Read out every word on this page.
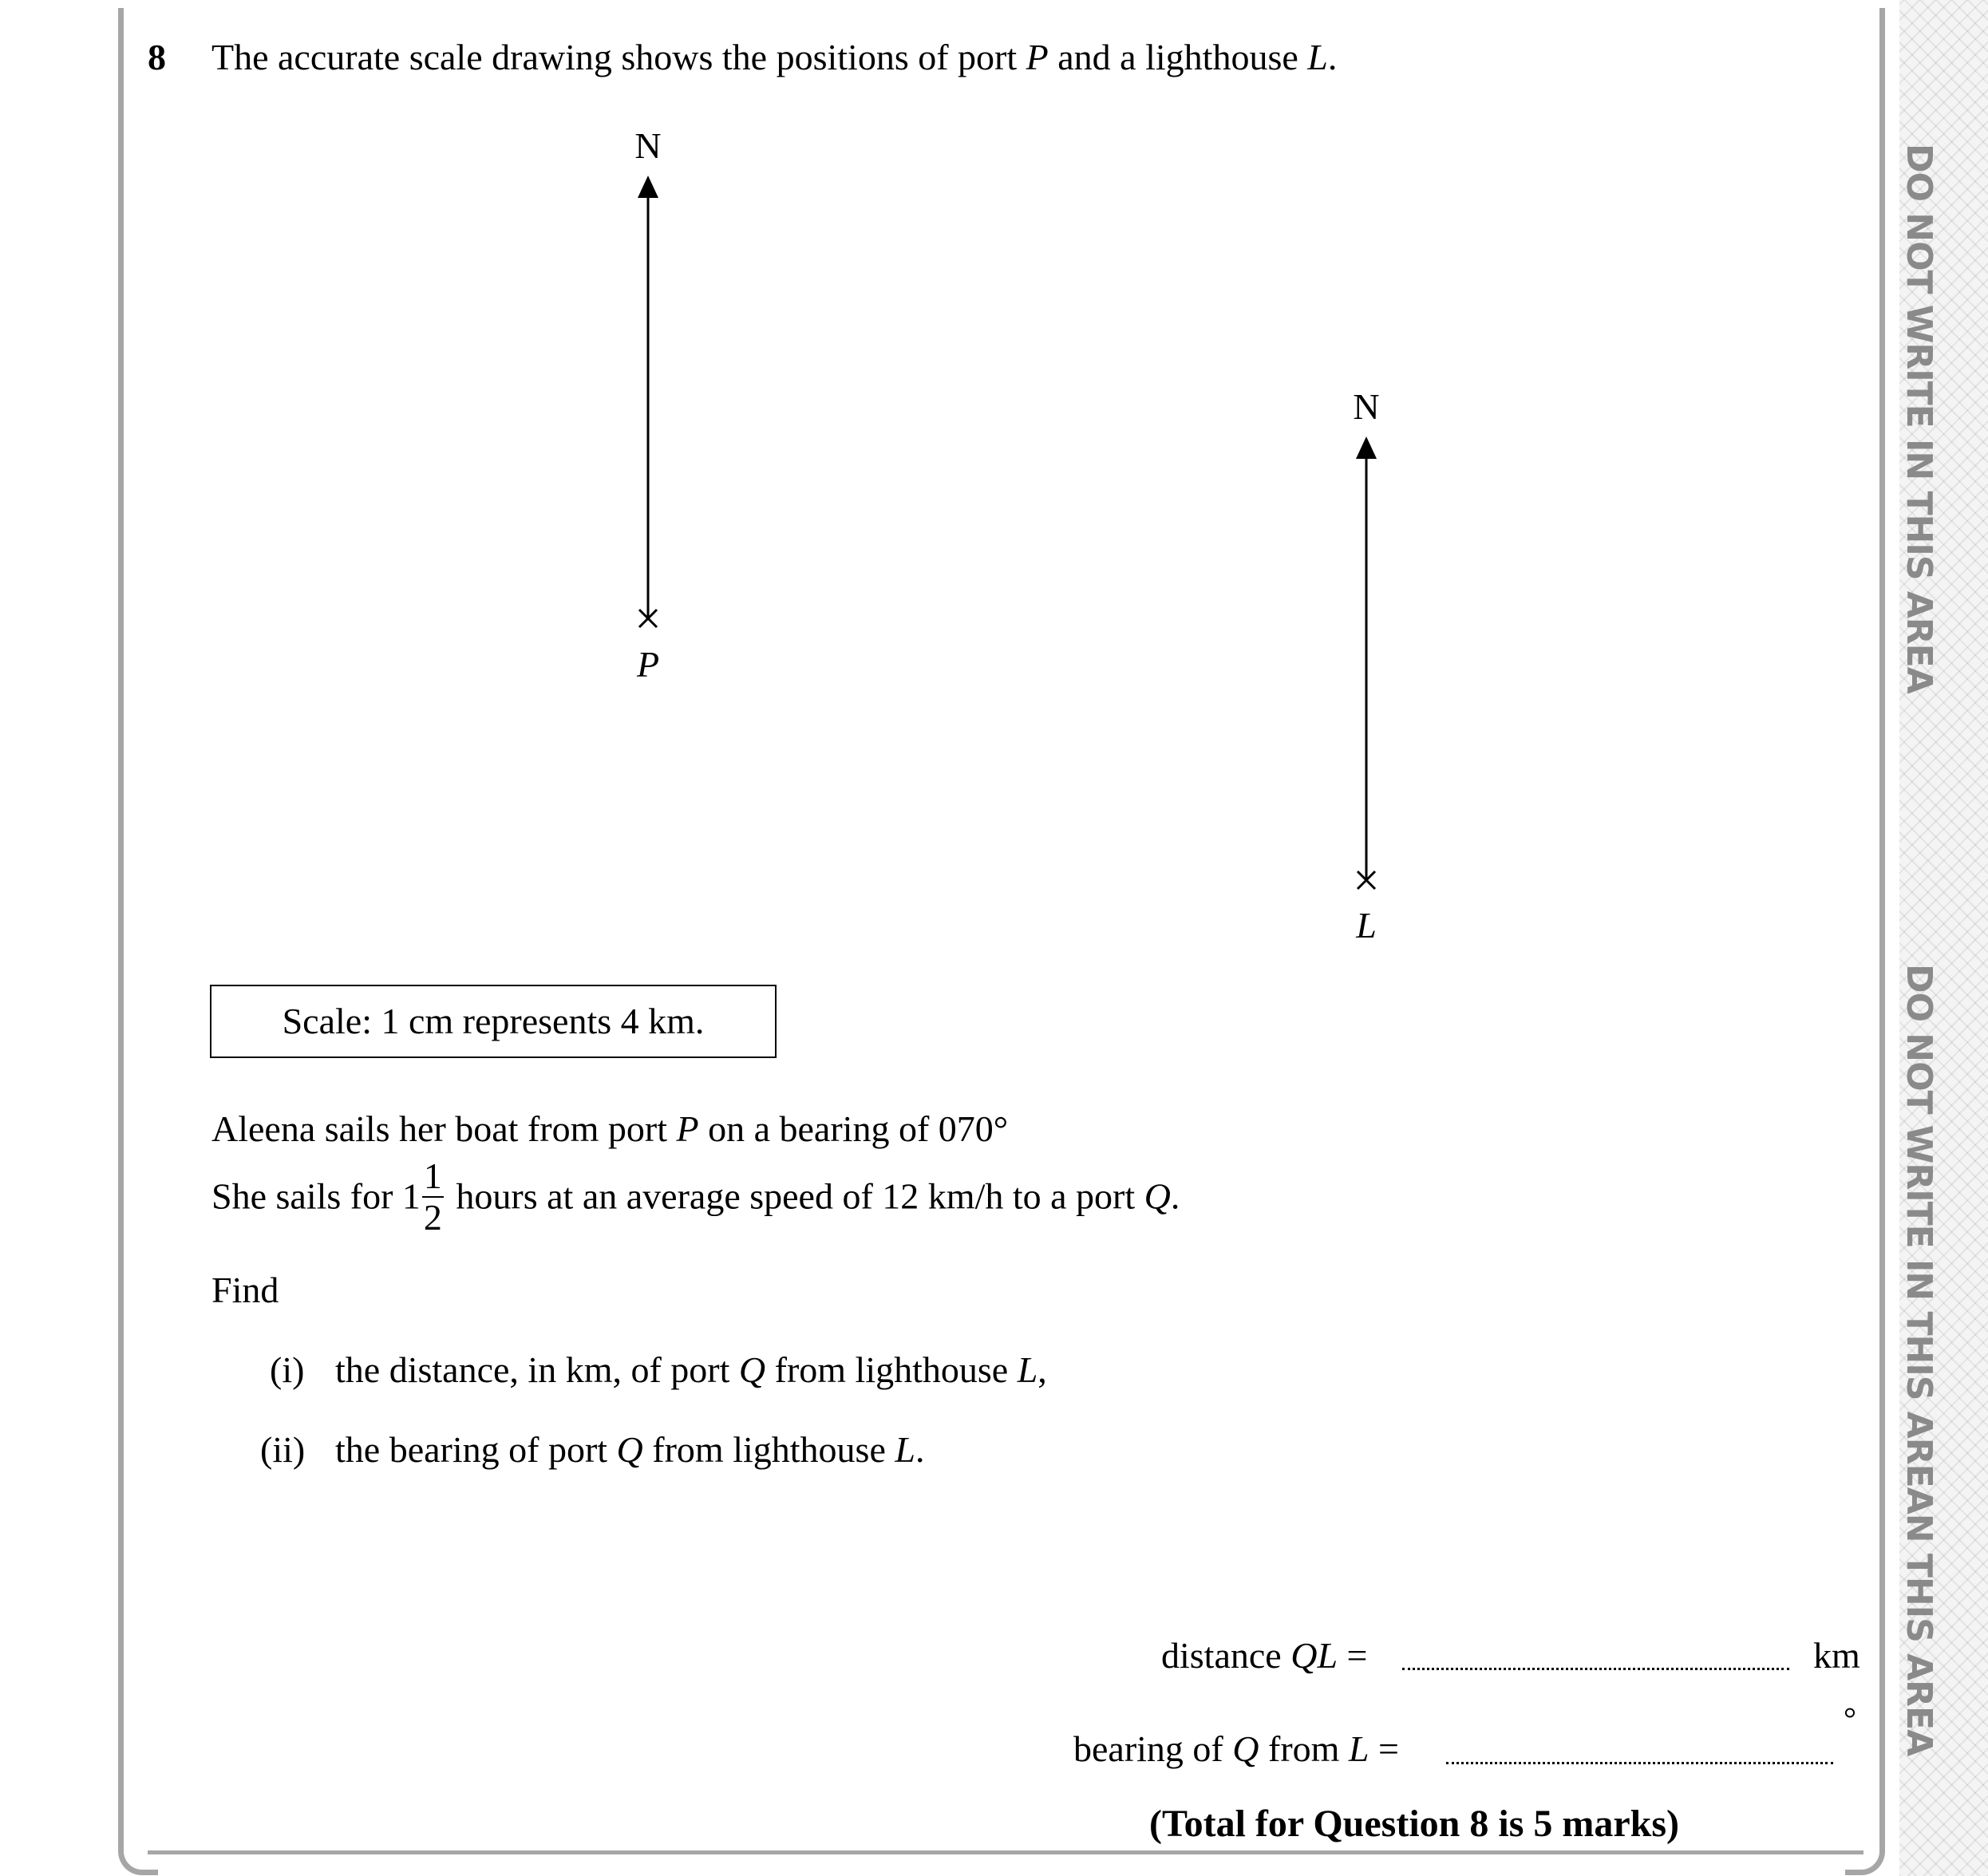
DO NOT WRITE IN THIS AREA
DO NOT WRITE IN THIS AREAN THIS AREA
8 The accurate scale drawing shows the positions of port P and a lighthouse L.
N
P
N
L
Scale: 1 cm represents 4 km.
Aleena sails her boat from port P on a bearing of 070°
She sails for $1 \frac{1}{2}$ hours at an average speed of 12 km/h to a port Q.
Find
(i) the distance, in km, of port Q from lighthouse L,
(ii) the bearing of port Q from lighthouse L.
distance QL =	km
bearing of Q from L =
°
(Total for Question 8 is 5 marks)
